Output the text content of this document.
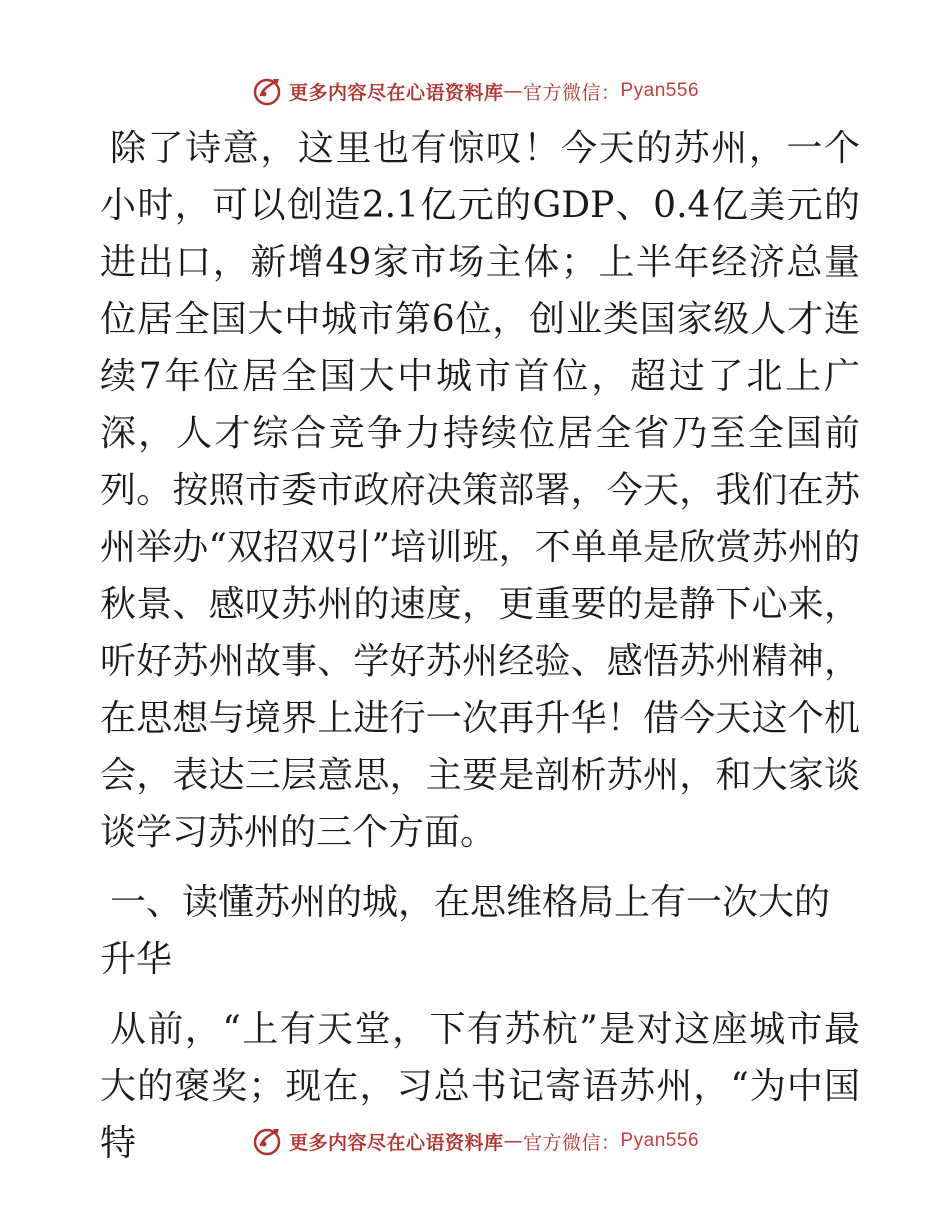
更多内容尽在心语资料库 — 官方微信： Pyan556

除了诗意，这里也有惊叹！今天的苏州，一个小时，可以创造2.1亿元的GDP、0.4亿美元的进出口，新增49家市场主体；上半年经济总量位居全国大中城市第6位，创业类国家级人才连续7年位居全国大中城市首位，超过了北上广深，人才综合竞争力持续位居全省乃至全国前列。按照市委市政府决策部署，今天，我们在苏州举办“双招双引”培训班，不单单是欣赏苏州的秋景、感叹苏州的速度，更重要的是静下心来，听好苏州故事、学好苏州经验、感悟苏州精神，在思想与境界上进行一次再升华！借今天这个机会，表达三层意思，主要是剖析苏州，和大家谈谈学习苏州的三个方面。

一、读懂苏州的城，在思维格局上有一次大的升华

从前，“上有天堂，下有苏杭”是对这座城市最大的褒奖；现在，习总书记寄语苏州，“为中国特	更多内容尽在心语资料库 — 官方微信： Pyan556
